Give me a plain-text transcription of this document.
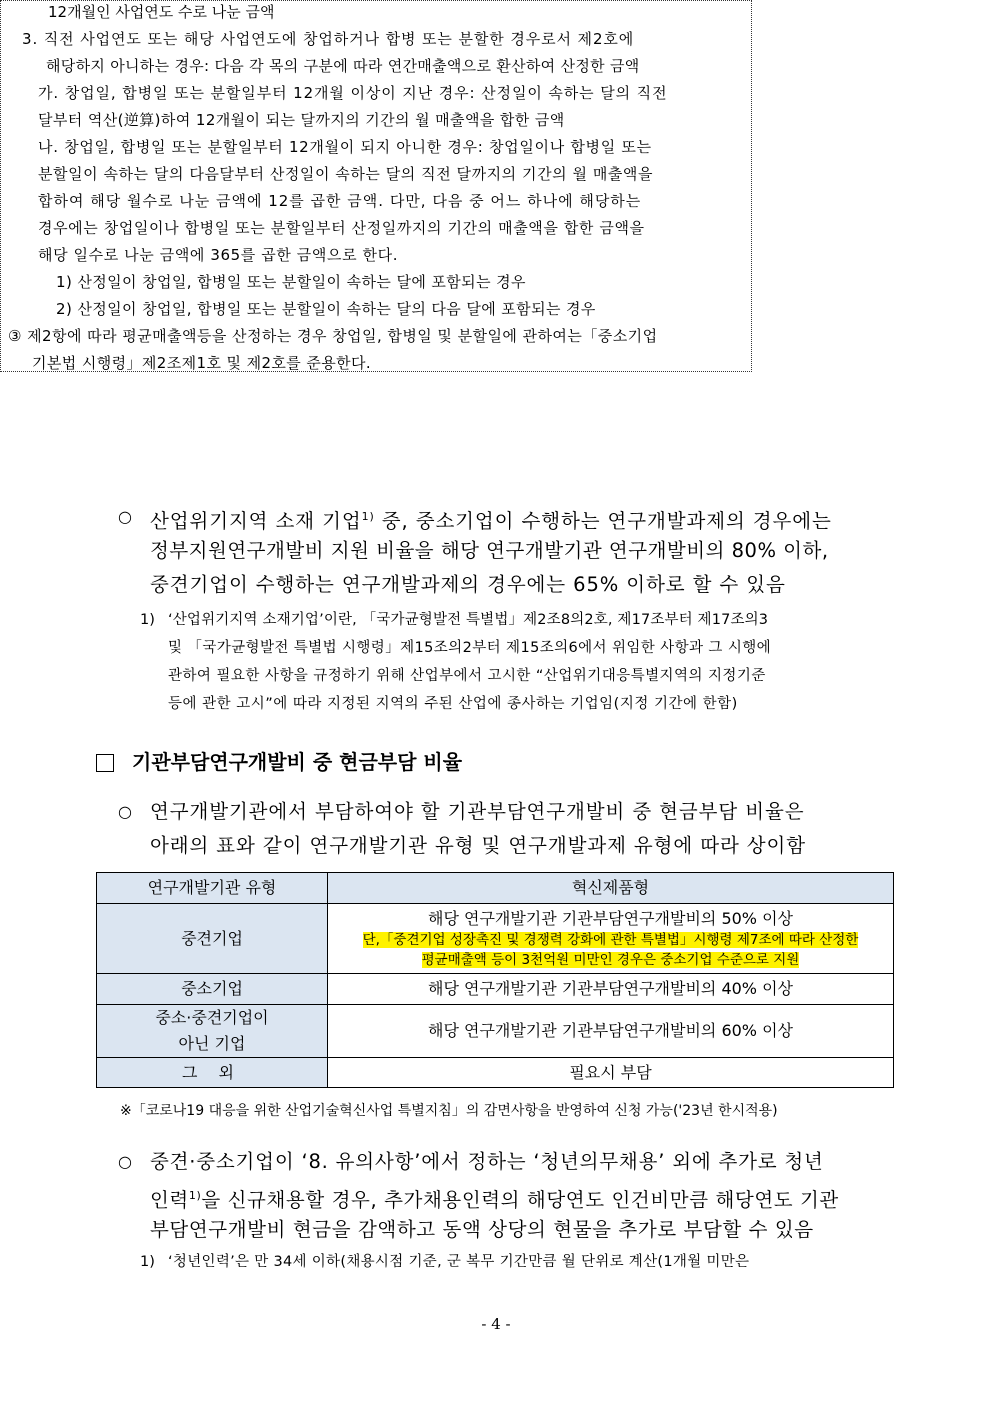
12개월인 사업연도 수로 나눈 금액
3. 직전 사업연도 또는 해당 사업연도에 창업하거나 합병 또는 분할한 경우로서 제2호에
해당하지 아니하는 경우: 다음 각 목의 구분에 따라 연간매출액으로 환산하여 산정한 금액
가. 창업일, 합병일 또는 분할일부터 12개월 이상이 지난 경우: 산정일이 속하는 달의 직전
달부터 역산(逆算)하여 12개월이 되는 달까지의 기간의 월 매출액을 합한 금액
나. 창업일, 합병일 또는 분할일부터 12개월이 되지 아니한 경우: 창업일이나 합병일 또는
분할일이 속하는 달의 다음달부터 산정일이 속하는 달의 직전 달까지의 기간의 월 매출액을
합하여 해당 월수로 나눈 금액에 12를 곱한 금액. 다만, 다음 중 어느 하나에 해당하는
경우에는 창업일이나 합병일 또는 분할일부터 산정일까지의 기간의 매출액을 합한 금액을
해당 일수로 나눈 금액에 365를 곱한 금액으로 한다.
1) 산정일이 창업일, 합병일 또는 분할일이 속하는 달에 포함되는 경우
2) 산정일이 창업일, 합병일 또는 분할일이 속하는 달의 다음 달에 포함되는 경우
③ 제2항에 따라 평균매출액등을 산정하는 경우 창업일, 합병일 및 분할일에 관하여는「중소기업
기본법 시행령」제2조제1호 및 제2호를 준용한다.
○ 산업위기지역 소재 기업$^{1)}$ 중, 중소기업이 수행하는 연구개발과제의 경우에는
정부지원연구개발비 지원 비율을 해당 연구개발기관 연구개발비의 80% 이하,
중견기업이 수행하는 연구개발과제의 경우에는 65% 이하로 할 수 있음
1) ‘산업위기지역 소재기업’이란, 「국가균형발전 특별법」제2조8의2호, 제17조부터 제17조의3
및 「국가균형발전 특별법 시행령」제15조의2부터 제15조의6에서 위임한 사항과 그 시행에
관하여 필요한 사항을 규정하기 위해 산업부에서 고시한 “산업위기대응특별지역의 지정기준
등에 관한 고시”에 따라 지정된 지역의 주된 산업에 종사하는 기업임(지정 기간에 한함)
기관부담연구개발비 중 현금부담 비율
○ 연구개발기관에서 부담하여야 할 기관부담연구개발비 중 현금부담 비율은
아래의 표와 같이 연구개발기관 유형 및 연구개발과제 유형에 따라 상이함
연구개발기관 유형	혁신제품형
중견기업	해당 연구개발기관 기관부담연구개발비의 50% 이상
단,「중견기업 성장촉진 및 경쟁력 강화에 관한 특별법」시행령 제7조에 따라 산정한
평균매출액 등이 3천억원 미만인 경우은 중소기업 수준으로 지원

중소기업	해당 연구개발기관 기관부담연구개발비의 40% 이상

중소·중견기업이
아닌 기업	해당 연구개발기관 기관부담연구개발비의 60% 이상
그 외	필요시 부담
※「코로나19 대응을 위한 산업기술혁신사업 특별지침」의 감면사항을 반영하여 신청 가능('23년 한시적용)
○ 중견·중소기업이 ‘8. 유의사항’에서 정하는 ‘청년의무채용’ 외에 추가로 청년
인력$^{1)}$을 신규채용할 경우, 추가채용인력의 해당연도 인건비만큼 해당연도 기관
부담연구개발비 현금을 감액하고 동액 상당의 현물을 추가로 부담할 수 있음
1) ‘청년인력’은 만 34세 이하(채용시점 기준, 군 복무 기간만큼 월 단위로 계산(1개월 미만은
- 4 -
